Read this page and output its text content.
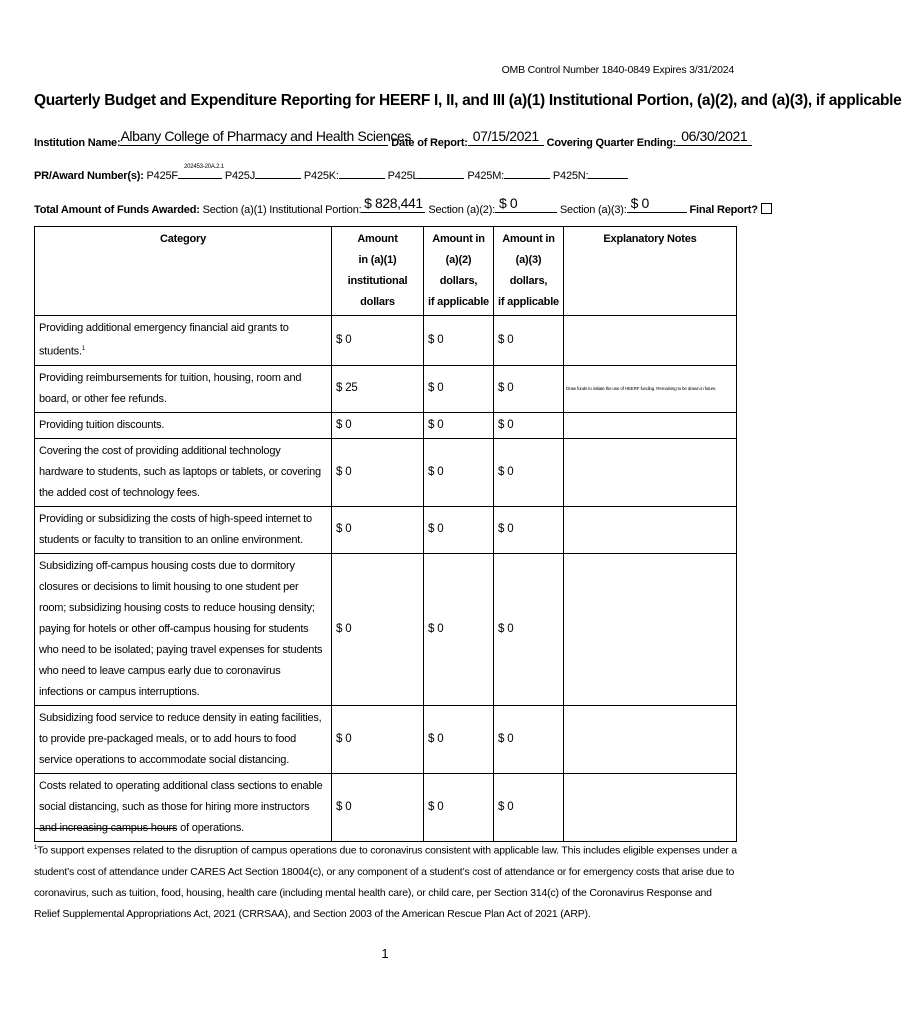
OMB Control Number 1840-0849 Expires 3/31/2024
Quarterly Budget and Expenditure Reporting for HEERF I, II, and III (a)(1) Institutional Portion, (a)(2), and (a)(3), if applicable
Institution Name: Albany College of Pharmacy and Health Sciences
Date of Report: 07/15/2021 Covering Quarter Ending: 06/30/2021
PR/Award Number(s): P425F
202453-20A.2.1
P425J	P425K:	P425L	P425M:	P425N:
Total Amount of Funds Awarded: Section (a)(1) Institutional Portion: $ 828,441 Section (a)(2): $ 0	Section (a)(3): $ 0	Final Report?
Category	Amount
in (a)(1)
institutional dollars	Amount in
(a)(2) dollars,
if applicable	Amount in
(a)(3) dollars,
if applicable	Explanatory Notes
Providing additional emergency financial aid grants to students.$^1$	$ 0	$ 0	$ 0	
Providing reimbursements for tuition, housing, room and board, or other fee refunds.	$ 25	$ 0	$ 0	Draw funds to initiate the use of HEERF funding. Remaining to be drawn in future.
Providing tuition discounts.	$ 0	$ 0	$ 0	
Covering the cost of providing additional technology hardware to students, such as laptops or tablets, or covering the added cost of technology fees.	$ 0	$ 0	$ 0	
Providing or subsidizing the costs of high-speed internet to students or faculty to transition to an online environment.	$ 0	$ 0	$ 0	
Subsidizing off-campus housing costs due to dormitory closures or decisions to limit housing to one student per room; subsidizing housing costs to reduce housing density; paying for hotels or other off-campus housing for students who need to be isolated; paying travel expenses for students who need to leave campus early due to coronavirus infections or campus interruptions.	$ 0	$ 0	$ 0	
Subsidizing food service to reduce density in eating facilities, to provide pre-packaged meals, or to add hours to food service operations to accommodate social distancing.	$ 0	$ 0	$ 0	
Costs related to operating additional class sections to enable social distancing, such as those for hiring more instructors and increasing campus hours of operations.	$ 0	$ 0	$ 0	
$^1$To support expenses related to the disruption of campus operations due to coronavirus consistent with applicable law. This includes eligible expenses under a student’s cost of attendance under CARES Act Section 18004(c), or any component of a student’s cost of attendance or for emergency costs that arise due to coronavirus, such as tuition, food, housing, health care (including mental health care), or child care, per Section 314(c) of the Coronavirus Response and Relief Supplemental Appropriations Act, 2021 (CRRSAA), and Section 2003 of the American Rescue Plan Act of 2021 (ARP).
1
